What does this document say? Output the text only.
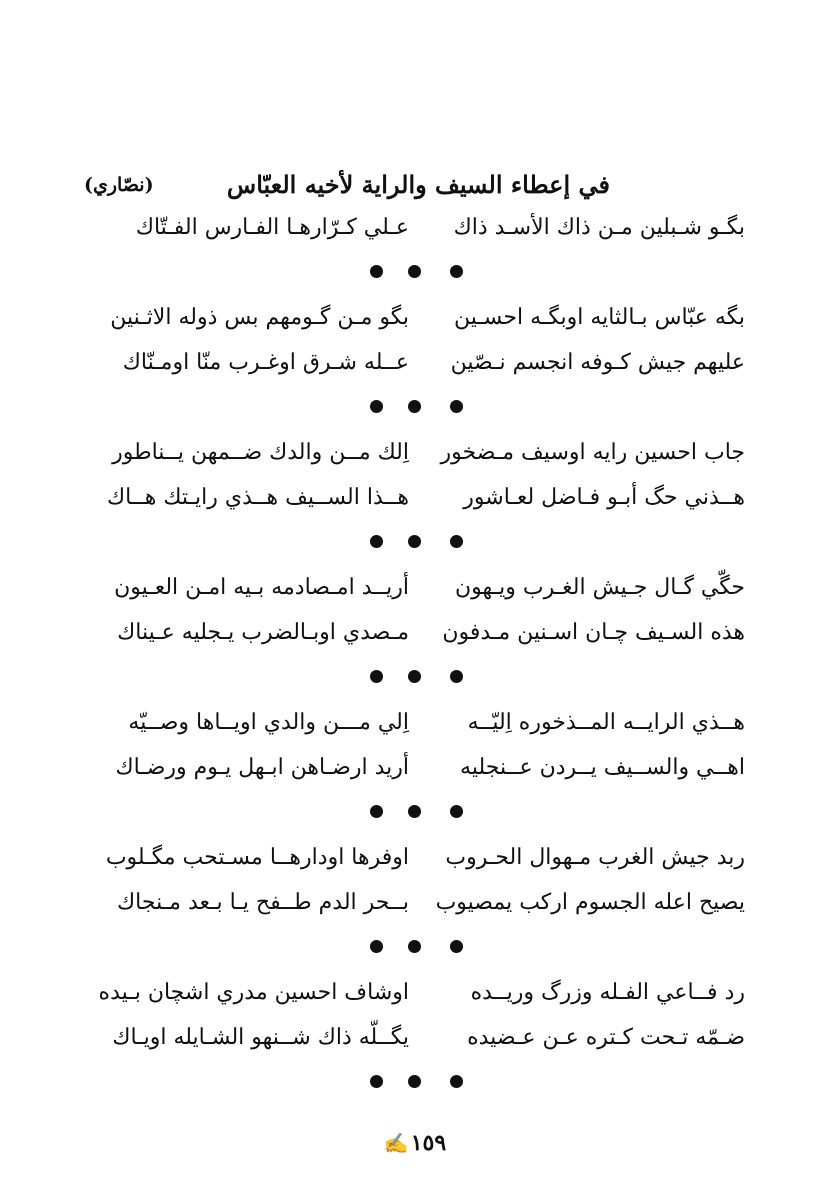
في إعطاء السيف والراية لأخيه العبّاس
(نصّاري)
بگـو شـبلين مـن ذاك الأسـد ذاك
عـلي كـرّارهـا الفـارس الفـتّاك
بگه عبّاس بـالثايه اوبگـه احسـين
بگو مـن گـومهم بس ذوله الاثـنين
عليهم جيش كـوفه انجسم نـصّين
عــله شـرق اوغـرب منّا اومـنّاك
جاب احسين رايه اوسيف مـضخور
اِلك مــن والدك ضــمهن يــناطور
هــذني حگ أبـو فـاضل لعـاشور
هــذا الســيف هــذي رايـتك هــاك
حگّي گـال جـيش الغـرب ويـهون
أريــد امـصادمه بـيه امـن العـيون
هذه السـيف چـان اسـنين مـدفون
مـصدي اوبـالضرب يـجليه عـيناك
هــذي الرايــه المــذخوره اِليّــه
اِلي مـــن والدي اويــاها وصــيّه
اهــي والســيف يــردن عــنجليه
أريد ارضـاهن ابـهل يـوم ورضـاك
ربد جيش الغرب مـهوال الحـروب
اوفرها اودارهــا مسـتحب مگـلوب
يصيح اعله الجسوم اركب يمصيوب
بــحر الدم طــفح يـا بـعد مـنجاك
رد فــاعي الفـله وزرگ وريــده
اوشاف احسين مدري اشچان بـيده
ضـمّه تـحت كـتره عـن عـضيده
يگــلّه ذاك شــنهو الشـايله اويـاك
١٥٩✍
